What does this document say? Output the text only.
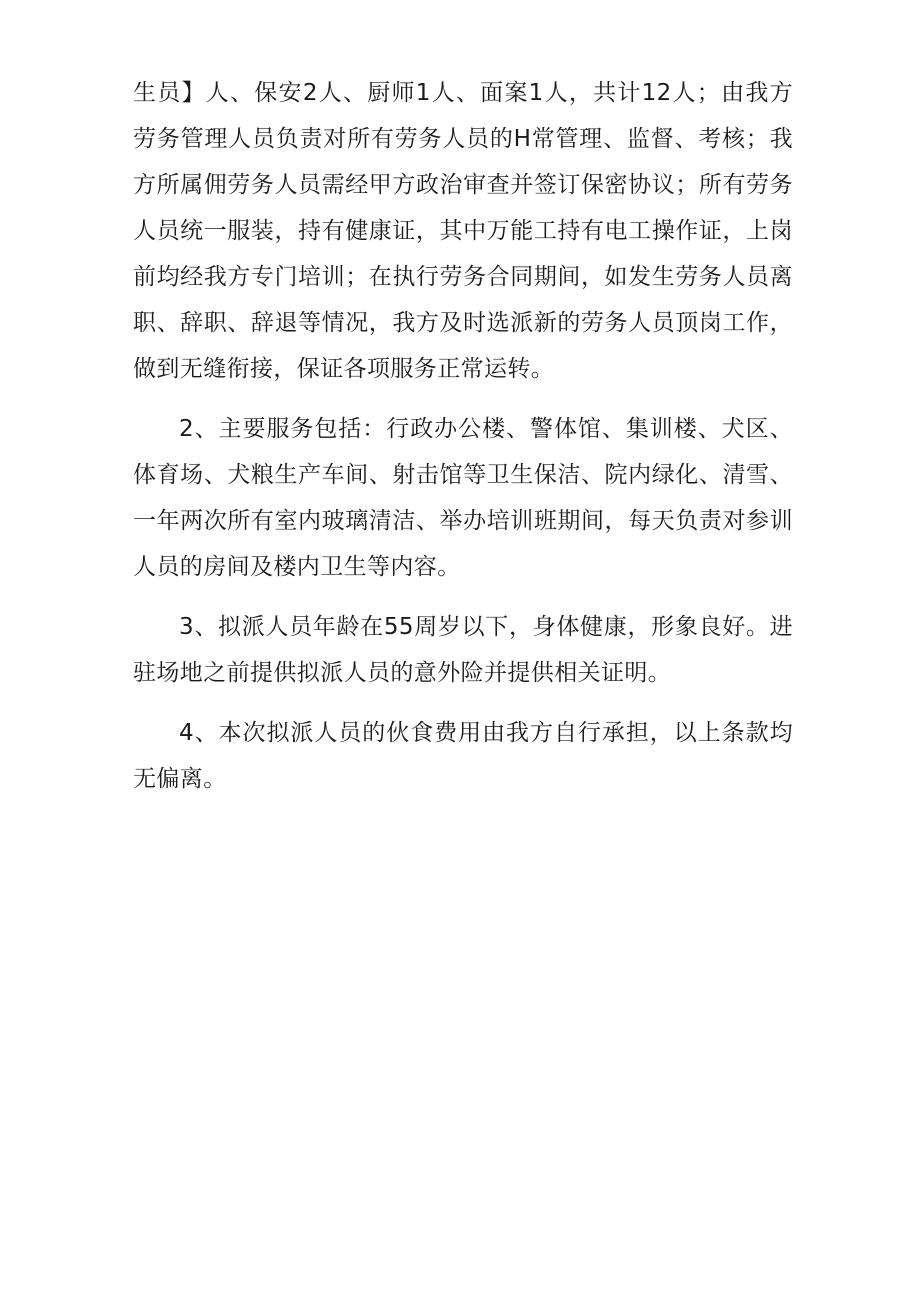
生员】人、保安2人、厨师1人、面案1人，共计12人；由我方劳务管理人员负责对所有劳务人员的H常管理、监督、考核；我方所属佣劳务人员需经甲方政治审查并签订保密协议；所有劳务人员统一服装，持有健康证，其中万能工持有电工操作证，上岗前均经我方专门培训；在执行劳务合同期间，如发生劳务人员离职、辞职、辞退等情况，我方及时选派新的劳务人员顶岗工作，做到无缝衔接，保证各项服务正常运转。

2、主要服务包括：行政办公楼、警体馆、集训楼、犬区、体育场、犬粮生产车间、射击馆等卫生保洁、院内绿化、清雪、一年两次所有室内玻璃清洁、举办培训班期间，每天负责对参训人员的房间及楼内卫生等内容。

3、拟派人员年龄在55周岁以下，身体健康，形象良好。进驻场地之前提供拟派人员的意外险并提供相关证明。

4、本次拟派人员的伙食费用由我方自行承担，以上条款均无偏离。
